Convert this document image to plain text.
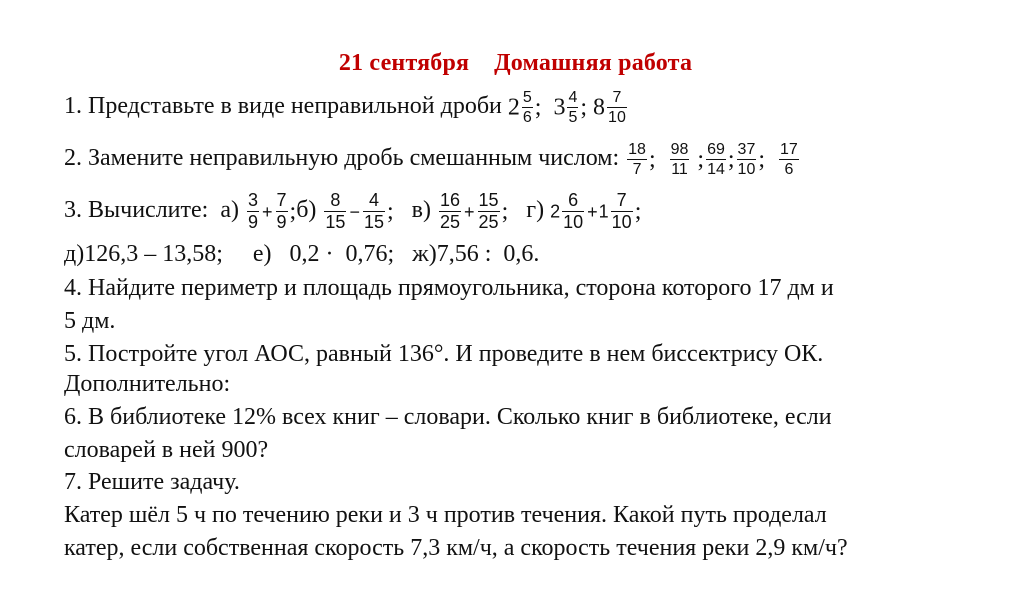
21 сентября Домашняя работа
1. Представьте в виде неправильной дроби $2 \frac{5}{6}$ ; $3 \frac{4}{5}$ ; $8 \frac{7}{10}$
2. Замените неправильную дробь смешанным числом: $\frac{18}{7}$ ; $\frac{98}{11}$ ; $\frac{69}{14}$ ; $\frac{37}{10}$ ; $\frac{17}{6}$
3. Вычислите: $а) \frac{3}{9} + \frac{7}{9}$ ;б) $\frac{8}{15} - \frac{4}{15}$ ; $в) \frac{16}{25} + \frac{15}{25}$ ; г) $2 \frac{6}{10} +1 \frac{7}{10}$ ;
д)126,3 – 13,58;     е)   0,2 ·  0,76;   ж)7,56 :  0,6.
4. Найдите периметр и площадь прямоугольника, сторона которого 17 дм и
5 дм.
5. Постройте угол АОС, равный 136°. И проведите в нем биссектрису ОК.
Дополнительно:
6. В библиотеке 12% всех книг – словари. Сколько книг в библиотеке, если
словарей в ней 900?
7. Решите задачу.
Катер шёл 5 ч по течению реки и 3 ч против течения. Какой путь проделал
катер, если собственная скорость 7,3 км/ч, а скорость течения реки 2,9 км/ч?
